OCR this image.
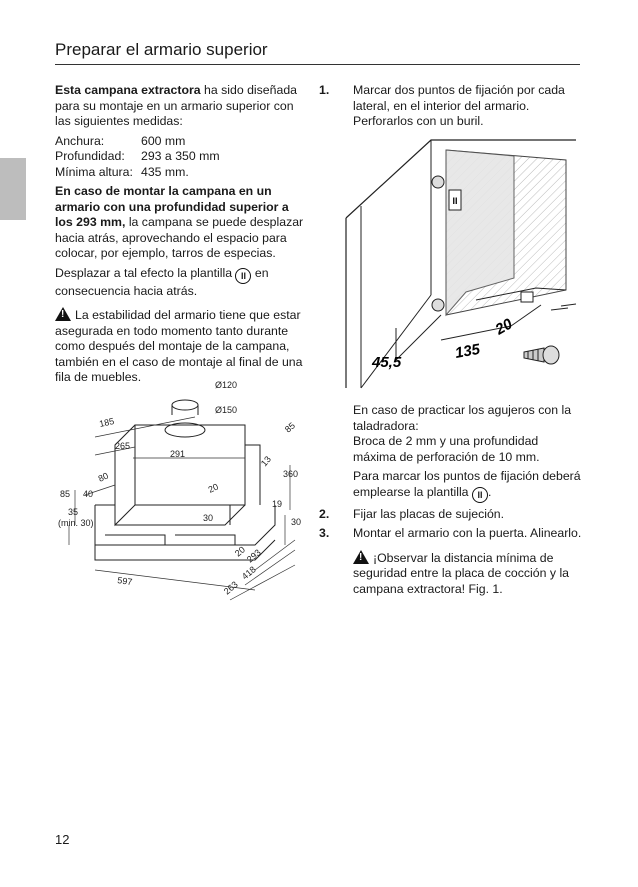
Preparar el armario superior

Esta campana extractora ha sido diseñada para su montaje en un armario superior con las siguientes medidas:

Anchura:	600 mm
Profundidad:	293 a 350 mm
Mínima altura:	435 mm.

En caso de montar la campana en un armario con una profundidad superior a los 293 mm, la campana se puede desplazar hacia atrás, aprovechando el espacio para colocar, por ejemplo, tarros de especias.

Desplazar a tal efecto la plantilla II en consecuencia hacia atrás.

!La estabilidad del armario tiene que estar asegurada en todo momento tanto durante como después del montaje de la campana, también en el caso de montaje al final de una fila de muebles.

1. Marcar dos puntos de fijación por cada lateral, en el interior del armario. Perforarlos con un buril.

En caso de practicar los agujeros con la taladradora:
Broca de 2 mm y una profundidad máxima de perforación de 10 mm.

Para marcar los puntos de fijación deberá emplearse la plantilla II .

2. Fijar las placas de sujeción.

3. Montar el armario con la puerta. Alinearlo.

!¡Observar la distancia mínima de seguridad entre la placa de cocción y la campana extractora! Fig. 1.

II
45,5
135
20
Ø120
Ø150
185	85
265
291
13
360
80
20
85 40
19
35
(min. 30)	30	30
20
293
597	418
263
12
